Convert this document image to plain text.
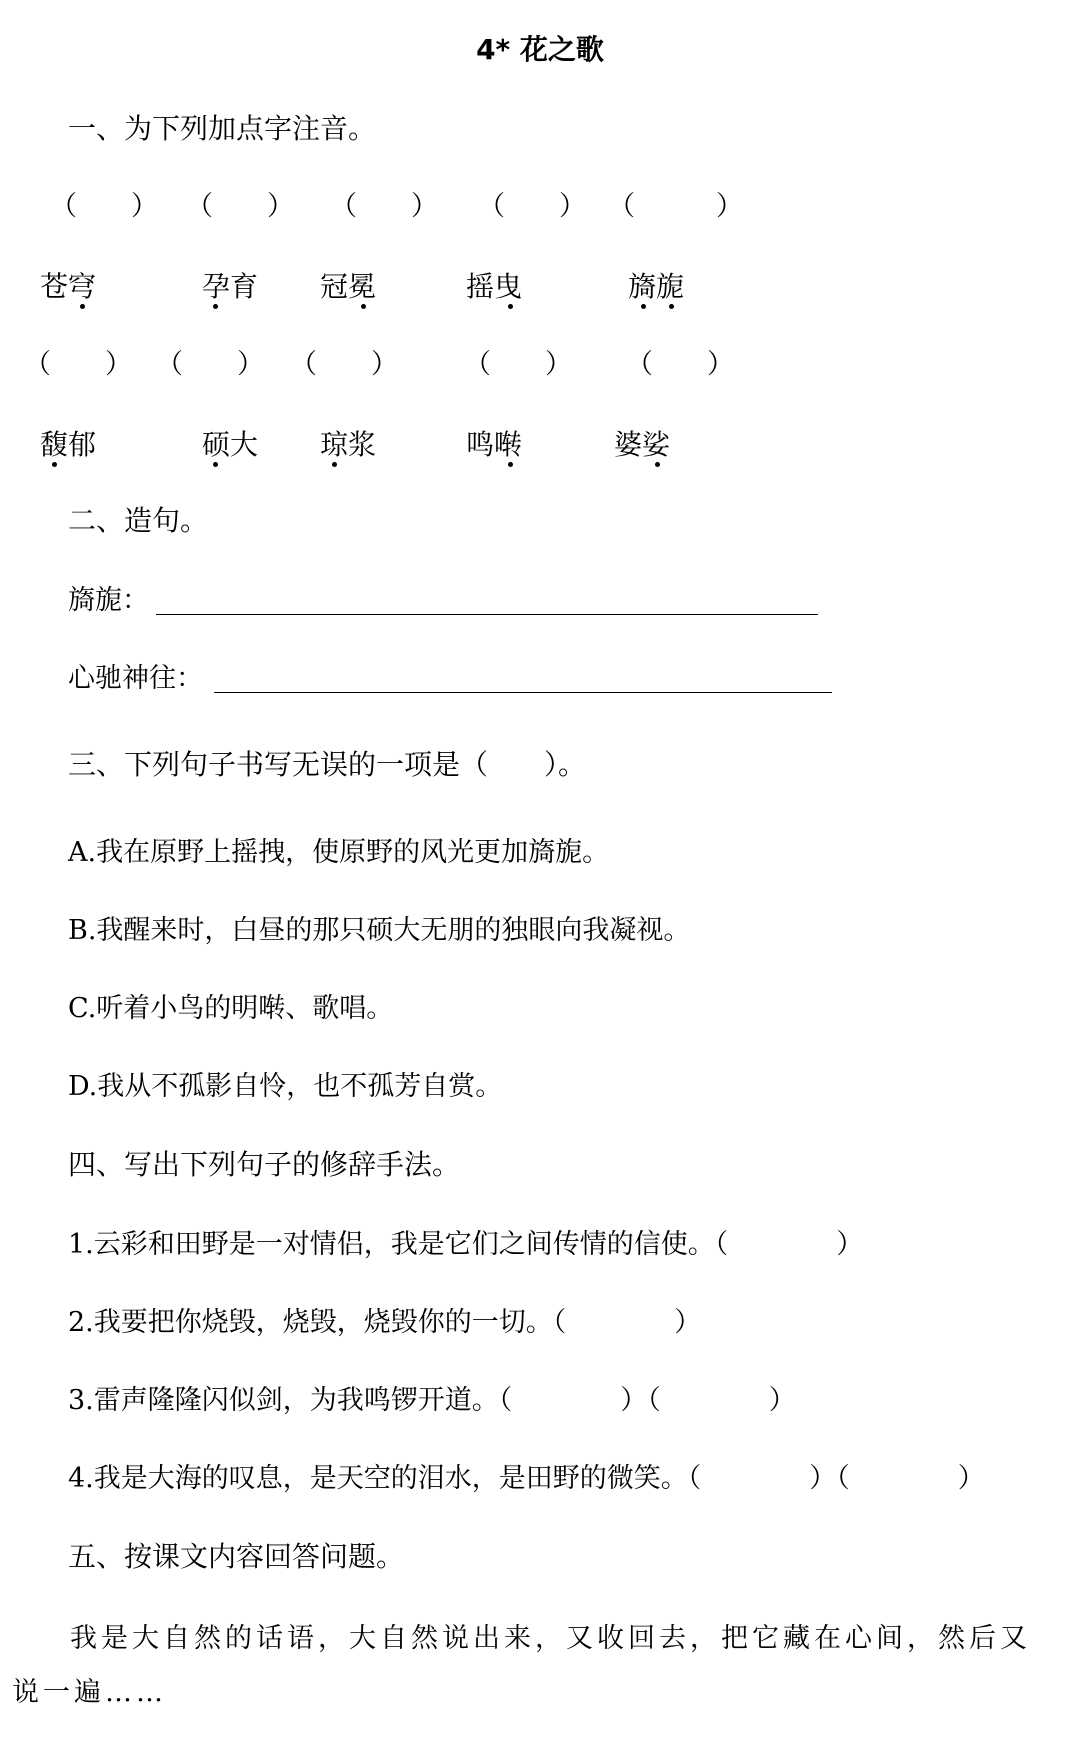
4* 花之歌
一、为下列加点字注音。
（　　） （　　） （　　） （　　） （　　　）
苍穹	孕育 冠冕	摇曳	旖旎
（　　） （　　） （　　） （　　） （　　）
馥郁	硕大 琼浆	鸣啭	婆娑
二、造句。
旖旎：
心驰神往：
三、下列句子书写无误的一项是（　　）。
A.我在原野上摇拽，使原野的风光更加旖旎。
B.我醒来时，白昼的那只硕大无朋的独眼向我凝视。
C.听着小鸟的明啭、歌唱。
D.我从不孤影自怜，也不孤芳自赏。
四、写出下列句子的修辞手法。
1.云彩和田野是一对情侣，我是它们之间传情的信使。（　　　　）
2.我要把你烧毁，烧毁，烧毁你的一切。（　　　　）
3.雷声隆隆闪似剑，为我鸣锣开道。（　　　　）（　　　　）
4.我是大海的叹息，是天空的泪水，是田野的微笑。（　　　　）（　　　　）
五、按课文内容回答问题。
我是大自然的话语，大自然说出来，又收回去，把它藏在心间，然后又说一遍……
